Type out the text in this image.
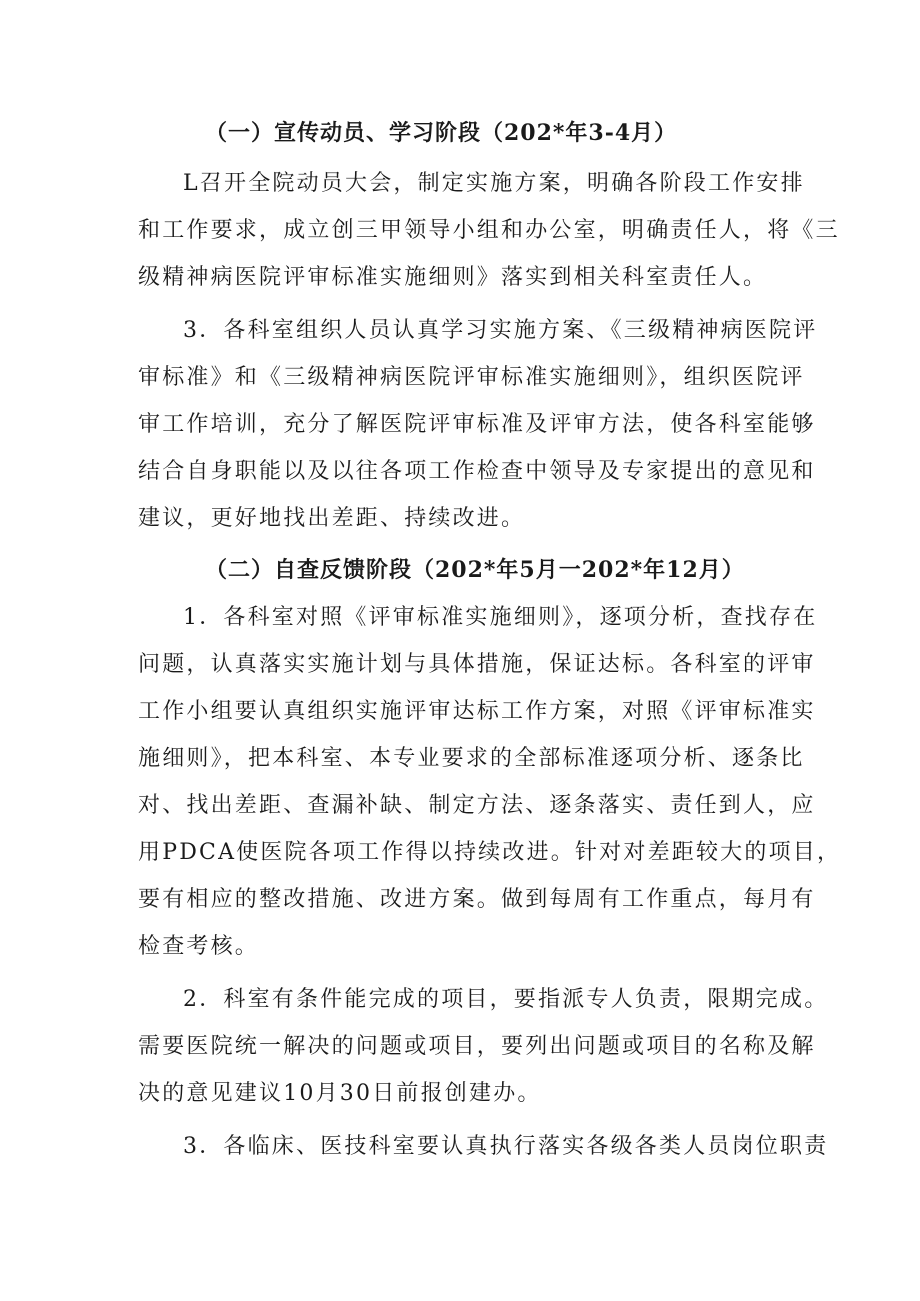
（一）宣传动员、学习阶段（202*年3-4月）
L召开全院动员大会，制定实施方案，明确各阶段工作安排
和工作要求，成立创三甲领导小组和办公室，明确责任人，将《三
级精神病医院评审标准实施细则》落实到相关科室责任人。
3．各科室组织人员认真学习实施方案、《三级精神病医院评
审标准》和《三级精神病医院评审标准实施细则》，组织医院评
审工作培训，充分了解医院评审标准及评审方法，使各科室能够
结合自身职能以及以往各项工作检查中领导及专家提出的意见和
建议，更好地找出差距、持续改进。
（二）自查反馈阶段（202*年5月一202*年12月）
1．各科室对照《评审标准实施细则》，逐项分析，查找存在
问题，认真落实实施计划与具体措施，保证达标。各科室的评审
工作小组要认真组织实施评审达标工作方案，对照《评审标准实
施细则》，把本科室、本专业要求的全部标准逐项分析、逐条比
对、找出差距、查漏补缺、制定方法、逐条落实、责任到人，应
用PDCA使医院各项工作得以持续改进。针对对差距较大的项目，
要有相应的整改措施、改进方案。做到每周有工作重点，每月有
检查考核。
2．科室有条件能完成的项目，要指派专人负责，限期完成。
需要医院统一解决的问题或项目，要列出问题或项目的名称及解
决的意见建议10月30日前报创建办。
3．各临床、医技科室要认真执行落实各级各类人员岗位职责
